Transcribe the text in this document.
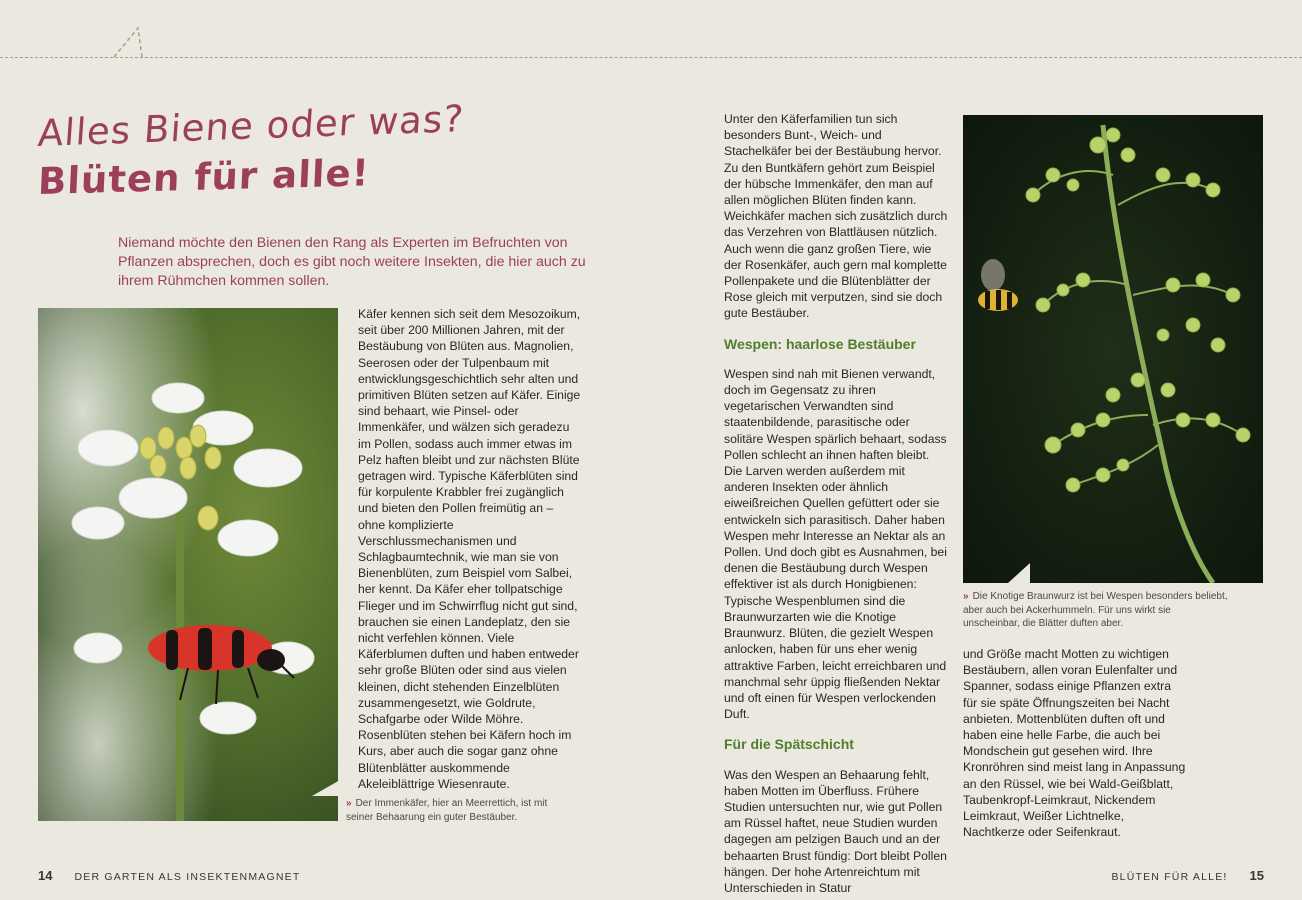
Alles Biene oder was?
Blüten für alle!

Niemand möchte den Bienen den Rang als Experten im Befruchten von Pflanzen absprechen, doch es gibt noch weitere Insekten, die hier auch zu ihrem Rühmchen kommen sollen.

» Der Immenkäfer, hier an Meerrettich, ist mit seiner Behaarung ein guter Bestäuber.

Käfer kennen sich seit dem Mesozoikum, seit über 200 Millionen Jahren, mit der Bestäubung von Blüten aus. Magnolien, Seerosen oder der Tulpenbaum mit entwicklungsgeschichtlich sehr alten und primitiven Blüten setzen auf Käfer. Einige sind behaart, wie Pinsel- oder Immenkäfer, und wälzen sich geradezu im Pollen, sodass auch immer etwas im Pelz haften bleibt und zur nächsten Blüte getragen wird. Typische Käferblüten sind für korpulente Krabbler frei zugänglich und bieten den Pollen freimütig an – ohne komplizierte Verschlussmechanismen und Schlagbaumtechnik, wie man sie von Bienenblüten, zum Beispiel vom Salbei, her kennt. Da Käfer eher tollpatschige Flieger und im Schwirrflug nicht gut sind, brauchen sie einen Landeplatz, den sie nicht verfehlen können. Viele Käferblumen duften und haben entweder sehr große Blüten oder sind aus vielen kleinen, dicht stehenden Einzelblüten zusammengesetzt, wie Goldrute, Schafgarbe oder Wilde Möhre. Rosenblüten stehen bei Käfern hoch im Kurs, aber auch die sogar ganz ohne Blütenblätter auskommende Akeleiblättrige Wiesenraute.

Unter den Käferfamilien tun sich besonders Bunt-, Weich- und Stachelkäfer bei der Bestäubung hervor. Zu den Buntkäfern gehört zum Beispiel der hübsche Immenkäfer, den man auf allen möglichen Blüten finden kann. Weichkäfer machen sich zusätzlich durch das Verzehren von Blattläusen nützlich. Auch wenn die ganz großen Tiere, wie der Rosenkäfer, auch gern mal komplette Pollenpakete und die Blütenblätter der Rose gleich mit verputzen, sind sie doch gute Bestäuber.

Wespen: haarlose Bestäuber

Wespen sind nah mit Bienen verwandt, doch im Gegensatz zu ihren vegetarischen Verwandten sind staatenbildende, parasitische oder solitäre Wespen spärlich behaart, sodass Pollen schlecht an ihnen haften bleibt. Die Larven werden außerdem mit anderen Insekten oder ähnlich eiweißreichen Quellen gefüttert oder sie entwickeln sich parasitisch. Daher haben Wespen mehr Interesse an Nektar als an Pollen. Und doch gibt es Ausnahmen, bei denen die Bestäubung durch Wespen effektiver ist als durch Honigbienen: Typische Wespenblumen sind die Braunwurzarten wie die Knotige Braunwurz. Blüten, die gezielt Wespen anlocken, haben für uns eher wenig attraktive Farben, leicht erreichbaren und manchmal sehr üppig fließenden Nektar und oft einen für Wespen verlockenden Duft.

Für die Spätschicht

Was den Wespen an Behaarung fehlt, haben Motten im Überfluss. Frühere Studien untersuchten nur, wie gut Pollen am Rüssel haftet, neue Studien wurden dagegen am pelzigen Bauch und an der behaarten Brust fündig: Dort bleibt Pollen hängen. Der hohe Artenreichtum mit Unterschieden in Statur

» Die Knotige Braunwurz ist bei Wespen besonders beliebt, aber auch bei Ackerhummeln. Für uns wirkt sie unscheinbar, die Blätter duften aber.

und Größe macht Motten zu wichtigen Bestäubern, allen voran Eulenfalter und Spanner, sodass einige Pflanzen extra für sie späte Öffnungszeiten bei Nacht anbieten. Mottenblüten duften oft und haben eine helle Farbe, die auch bei Mondschein gut gesehen wird. Ihre Kronröhren sind meist lang in Anpassung an den Rüssel, wie bei Wald-Geißblatt, Taubenkropf-Leimkraut, Nickendem Leimkraut, Weißer Lichtnelke, Nachtkerze oder Seifenkraut.

14 DER GARTEN ALS INSEKTENMAGNET	BLÜTEN FÜR ALLE! 15
